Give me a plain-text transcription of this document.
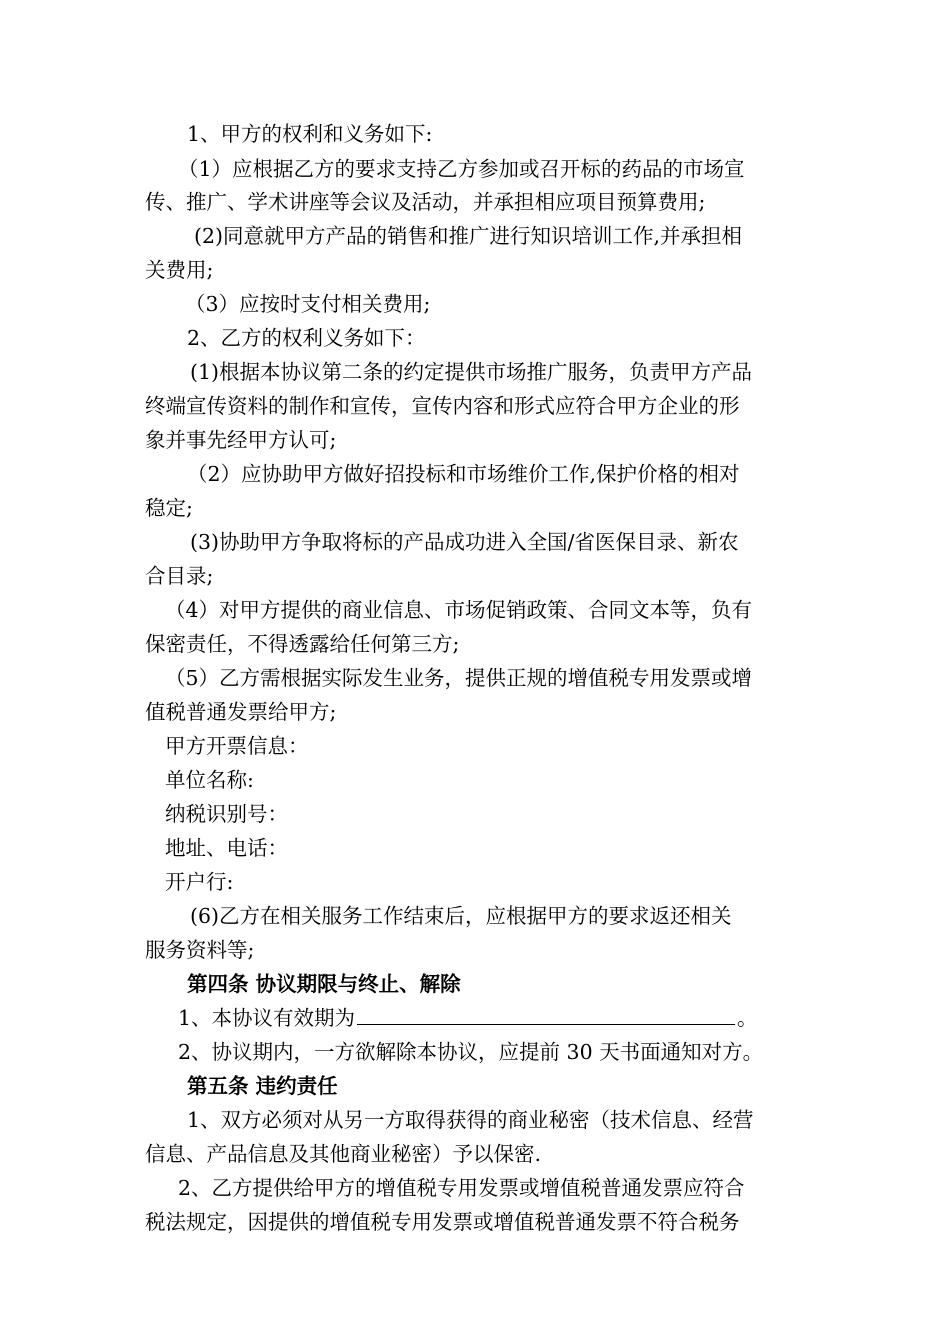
1、甲方的权利和义务如下:
（1）应根据乙方的要求支持乙方参加或召开标的药品的市场宣
传、推广、学术讲座等会议及活动，并承担相应项目预算费用;
(2)同意就甲方产品的销售和推广进行知识培训工作,并承担相
关费用;
（3）应按时支付相关费用;
2、乙方的权利义务如下：
(1)根据本协议第二条的约定提供市场推广服务，负责甲方产品
终端宣传资料的制作和宣传，宣传内容和形式应符合甲方企业的形
象并事先经甲方认可;
（2）应协助甲方做好招投标和市场维价工作,保护价格的相对
稳定;
(3)协助甲方争取将标的产品成功进入全国/省医保目录、新农
合目录;
（4）对甲方提供的商业信息、市场促销政策、合同文本等，负有
保密责任，不得透露给任何第三方;
（5）乙方需根据实际发生业务，提供正规的增值税专用发票或增
值税普通发票给甲方;
甲方开票信息：
单位名称:
纳税识别号：
地址、电话：
开户行:
(6)乙方在相关服务工作结束后，应根据甲方的要求返还相关
服务资料等;
第四条 协议期限与终止、解除
1、本协议有效期为	。
2、协议期内，一方欲解除本协议，应提前 30 天书面通知对方。
第五条 违约责任
1、双方必须对从另一方取得获得的商业秘密（技术信息、经营
信息、产品信息及其他商业秘密）予以保密.
2、乙方提供给甲方的增值税专用发票或增值税普通发票应符合
税法规定，因提供的增值税专用发票或增值税普通发票不符合税务
